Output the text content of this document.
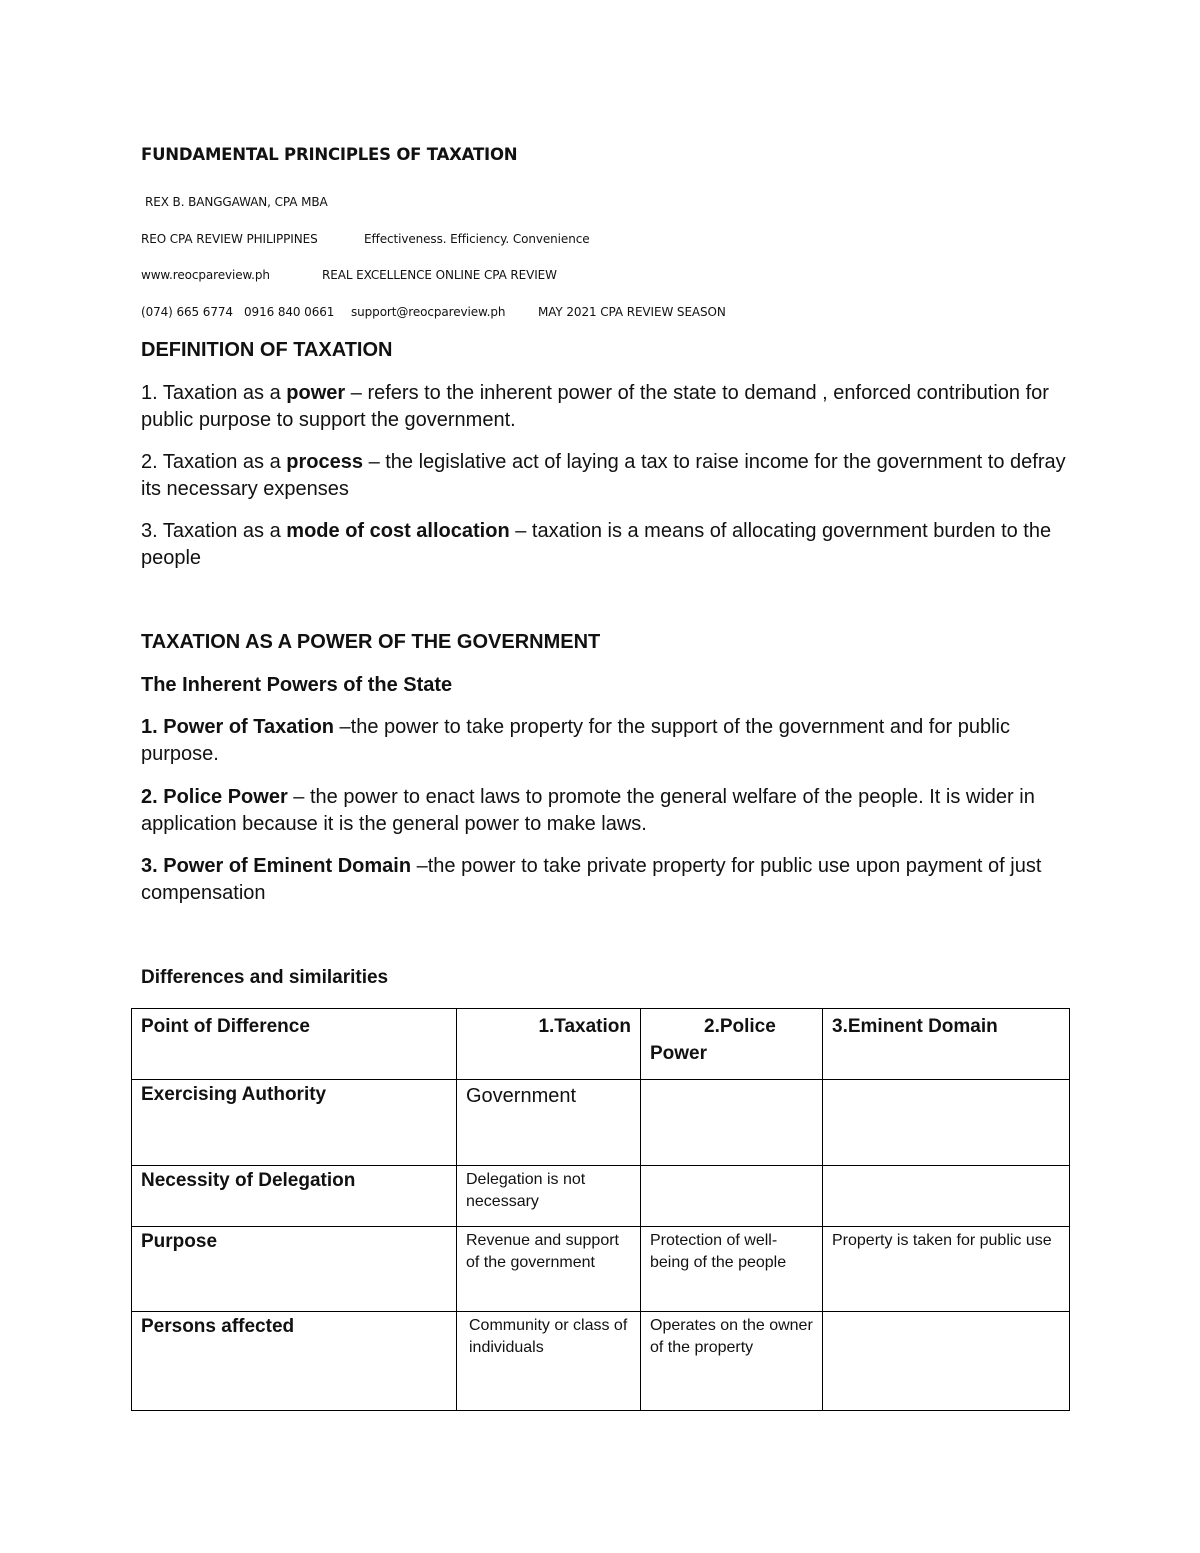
FUNDAMENTAL PRINCIPLES OF TAXATION
REX B. BANGGAWAN, CPA MBA
REO CPA REVIEW PHILIPPINES	Effectiveness. Efficiency. Convenience
www.reocpareview.ph	REAL EXCELLENCE ONLINE CPA REVIEW
(074) 665 6774 0916 840 0661 support@reocpareview.ph	MAY 2021 CPA REVIEW SEASON
DEFINITION OF TAXATION
1. Taxation as a power – refers to the inherent power of the state to demand , enforced contribution for public purpose to support the government.
2. Taxation as a process – the legislative act of laying a tax to raise income for the government to defray its necessary expenses
3. Taxation as a mode of cost allocation – taxation is a means of allocating government burden to the people
TAXATION AS A POWER OF THE GOVERNMENT
The Inherent Powers of the State
1. Power of Taxation –the power to take property for the support of the government and for public purpose.
2. Police Power – the power to enact laws to promote the general welfare of the people. It is wider in application because it is the general power to make laws.
3. Power of Eminent Domain –the power to take private property for public use upon payment of just compensation
Differences and similarities
Point of Difference	1.Taxation	2.Police Power	3.Eminent Domain

Exercising Authority	Government		

Necessity of Delegation	Delegation is not necessary		

Purpose	Revenue and support of the government	Protection of well-being of the people	Property is taken for public use

Persons affected	Community or class of individuals	Operates on the owner of the property	
